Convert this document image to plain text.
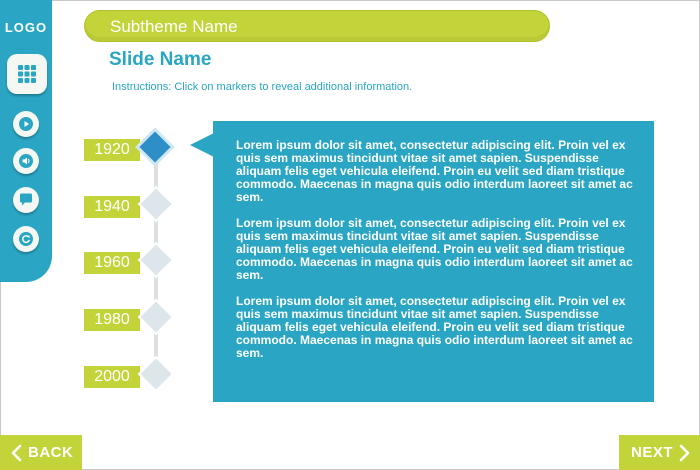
LOGO	Subtheme Name
Slide Name
Instructions: Click on markers to reveal additional information.
1920
1940
1960
1980
2000

Lorem ipsum dolor sit amet, consectetur adipiscing elit. Proin vel ex quis sem maximus tincidunt vitae sit amet sapien. Suspendisse aliquam felis eget vehicula eleifend. Proin eu velit sed diam tristique commodo. Maecenas in magna quis odio interdum laoreet sit amet ac sem.

Lorem ipsum dolor sit amet, consectetur adipiscing elit. Proin vel ex quis sem maximus tincidunt vitae sit amet sapien. Suspendisse aliquam felis eget vehicula eleifend. Proin eu velit sed diam tristique commodo. Maecenas in magna quis odio interdum laoreet sit amet ac sem.

Lorem ipsum dolor sit amet, consectetur adipiscing elit. Proin vel ex quis sem maximus tincidunt vitae sit amet sapien. Suspendisse aliquam felis eget vehicula eleifend. Proin eu velit sed diam tristique commodo. Maecenas in magna quis odio interdum laoreet sit amet ac sem.

BACK	NEXT
